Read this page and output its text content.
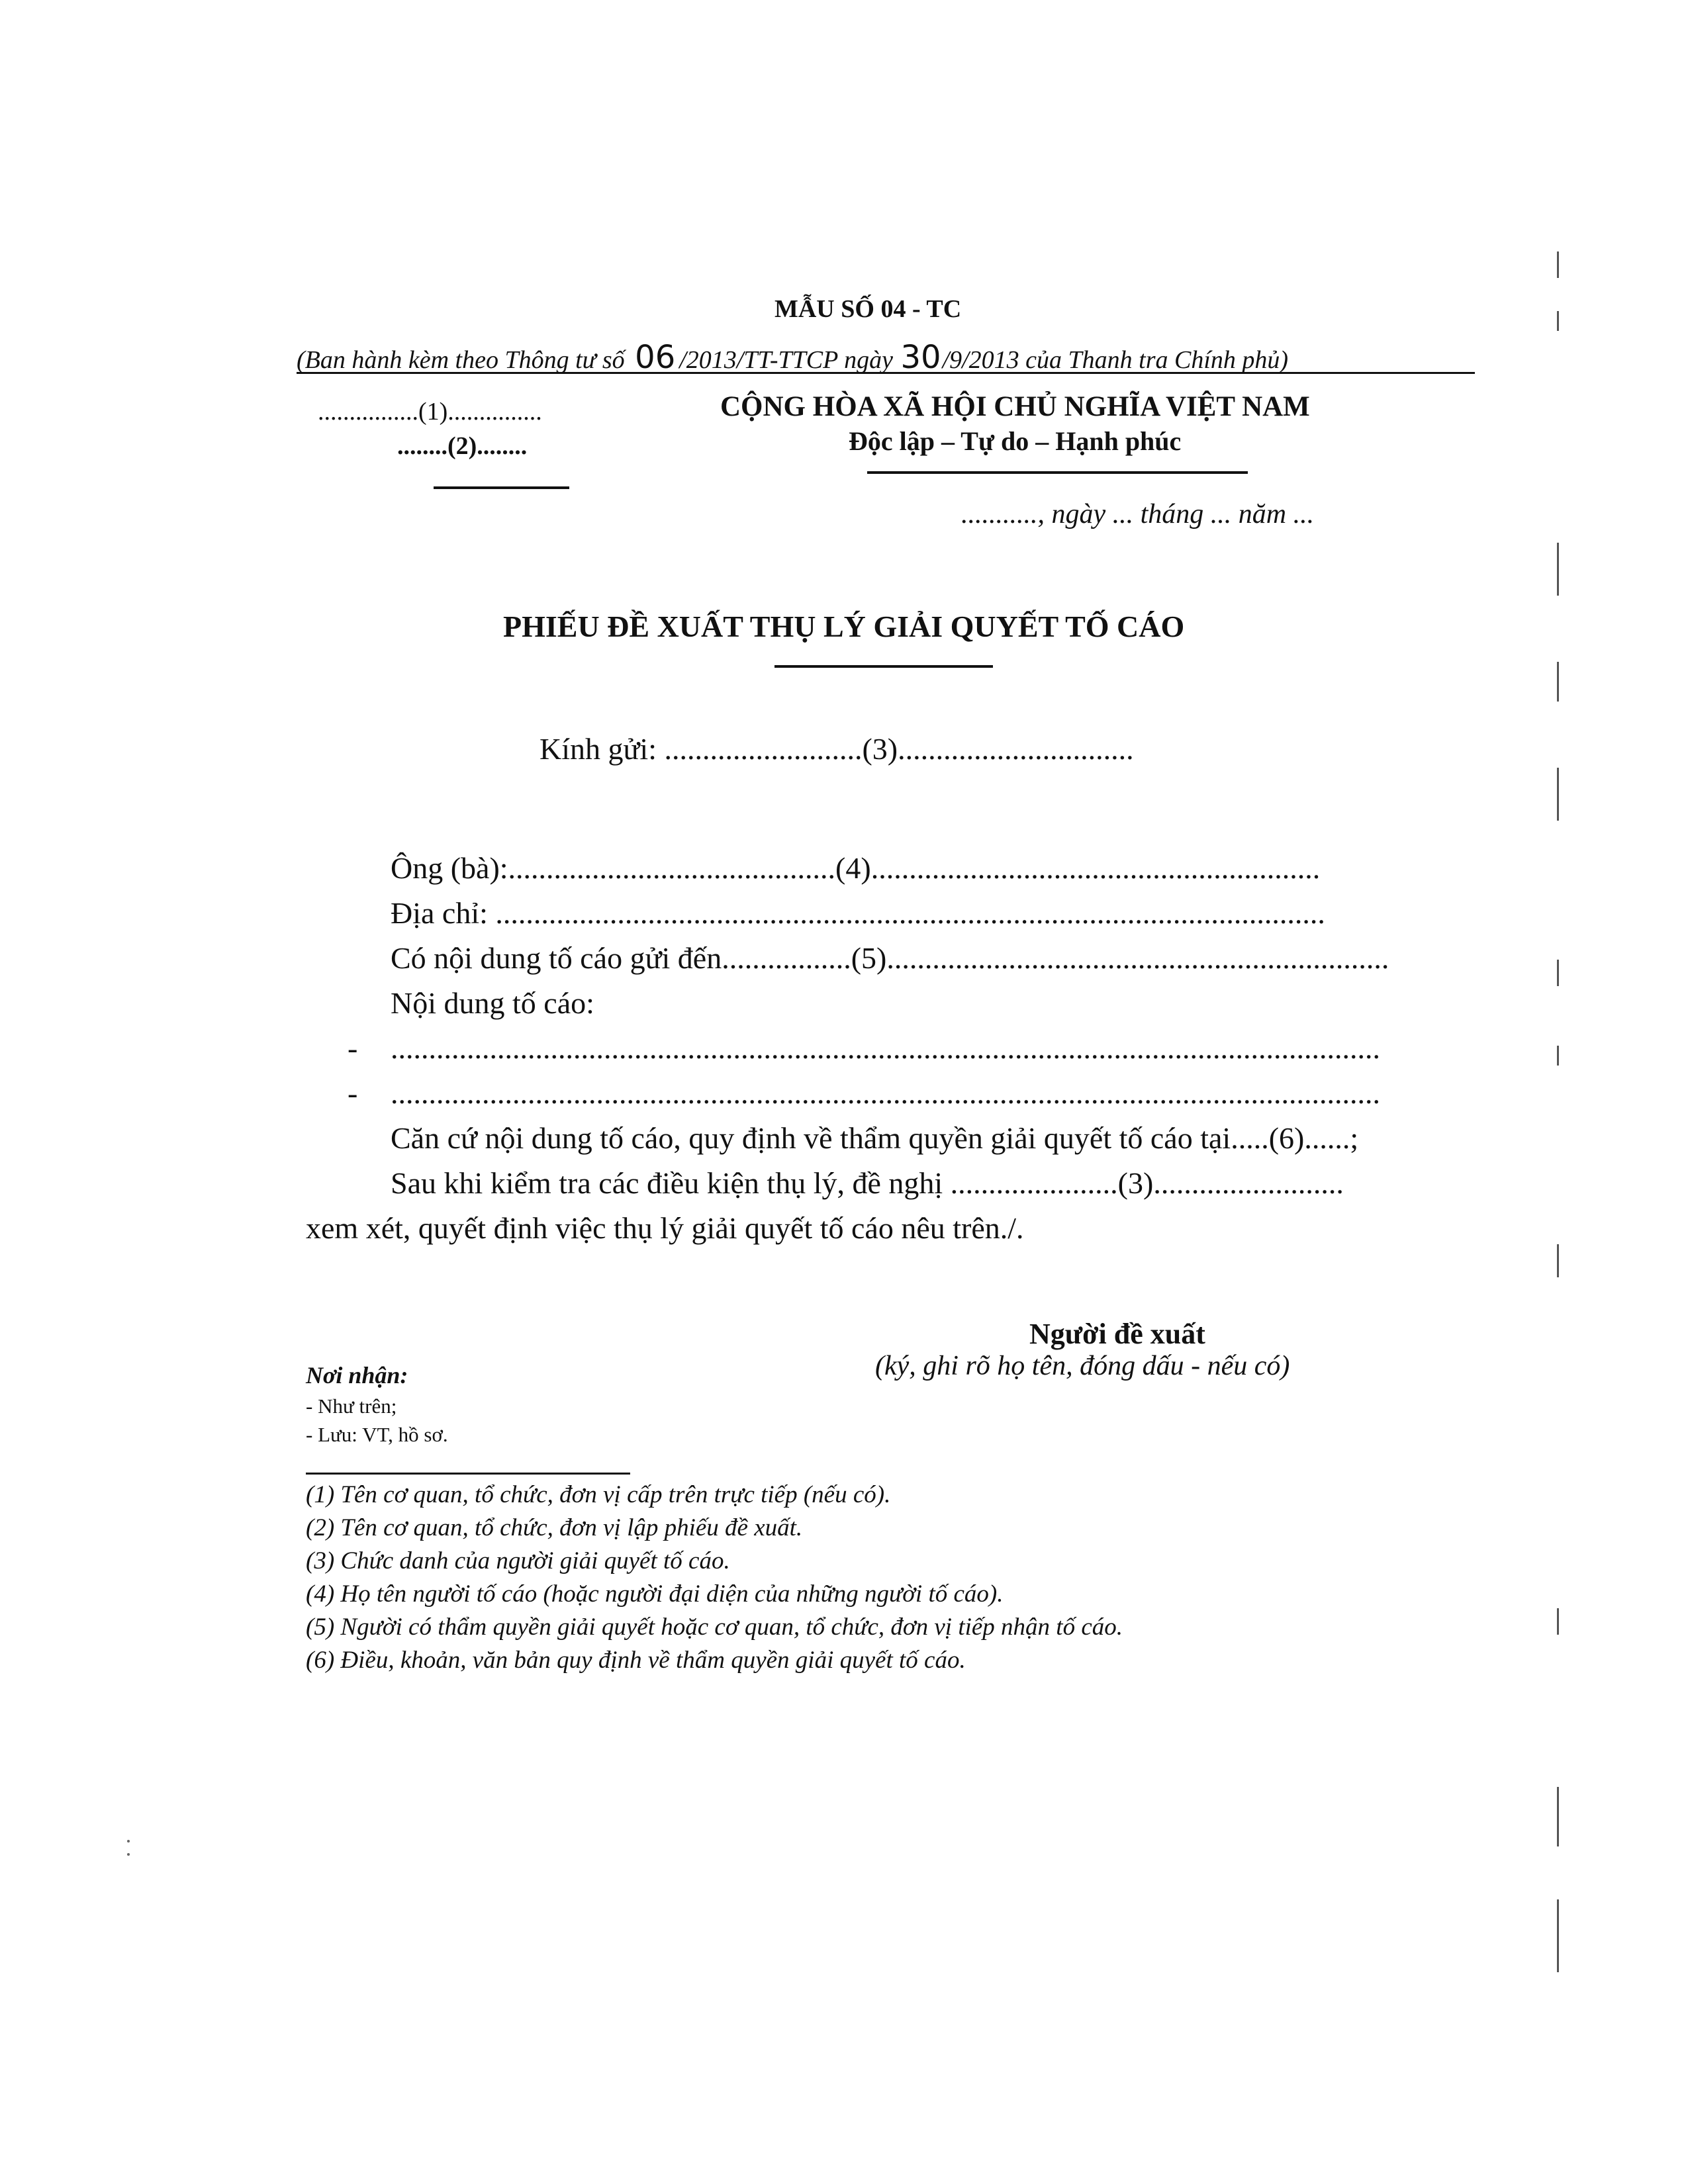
MẪU SỐ 04 - TC
(Ban hành kèm theo Thông tư số 06 /2013/TT-TTCP ngày 30/9/2013 của Thanh tra Chính phủ)
................(1)...............
........(2)........
CỘNG HÒA XÃ HỘI CHỦ NGHĨA VIỆT NAM
Độc lập – Tự do – Hạnh phúc
..........., ngày ... tháng ... năm ...
PHIẾU ĐỀ XUẤT THỤ LÝ GIẢI QUYẾT TỐ CÁO
Kính gửi: ..........................(3)...............................
Ông (bà):...........................................(4)...........................................................
Địa chỉ: .............................................................................................................
Có nội dung tố cáo gửi đến.................(5)..................................................................
Nội dung tố cáo:
- ..................................................................................................................................
- ..................................................................................................................................
Căn cứ nội dung tố cáo, quy định về thẩm quyền giải quyết tố cáo tại.....(6)......;
Sau khi kiểm tra các điều kiện thụ lý, đề nghị ......................(3).........................
xem xét, quyết định việc thụ lý giải quyết tố cáo nêu trên./.
Người đề xuất
(ký, ghi rõ họ tên, đóng dấu - nếu có)
Nơi nhận:
- Như trên;
- Lưu: VT, hồ sơ.
(1) Tên cơ quan, tổ chức, đơn vị cấp trên trực tiếp (nếu có).
(2) Tên cơ quan, tổ chức, đơn vị lập phiếu đề xuất.
(3) Chức danh của người giải quyết tố cáo.
(4) Họ tên người tố cáo (hoặc người đại diện của những người tố cáo).
(5) Người có thẩm quyền giải quyết hoặc cơ quan, tổ chức, đơn vị tiếp nhận tố cáo.
(6) Điều, khoản, văn bản quy định về thẩm quyền giải quyết tố cáo.
